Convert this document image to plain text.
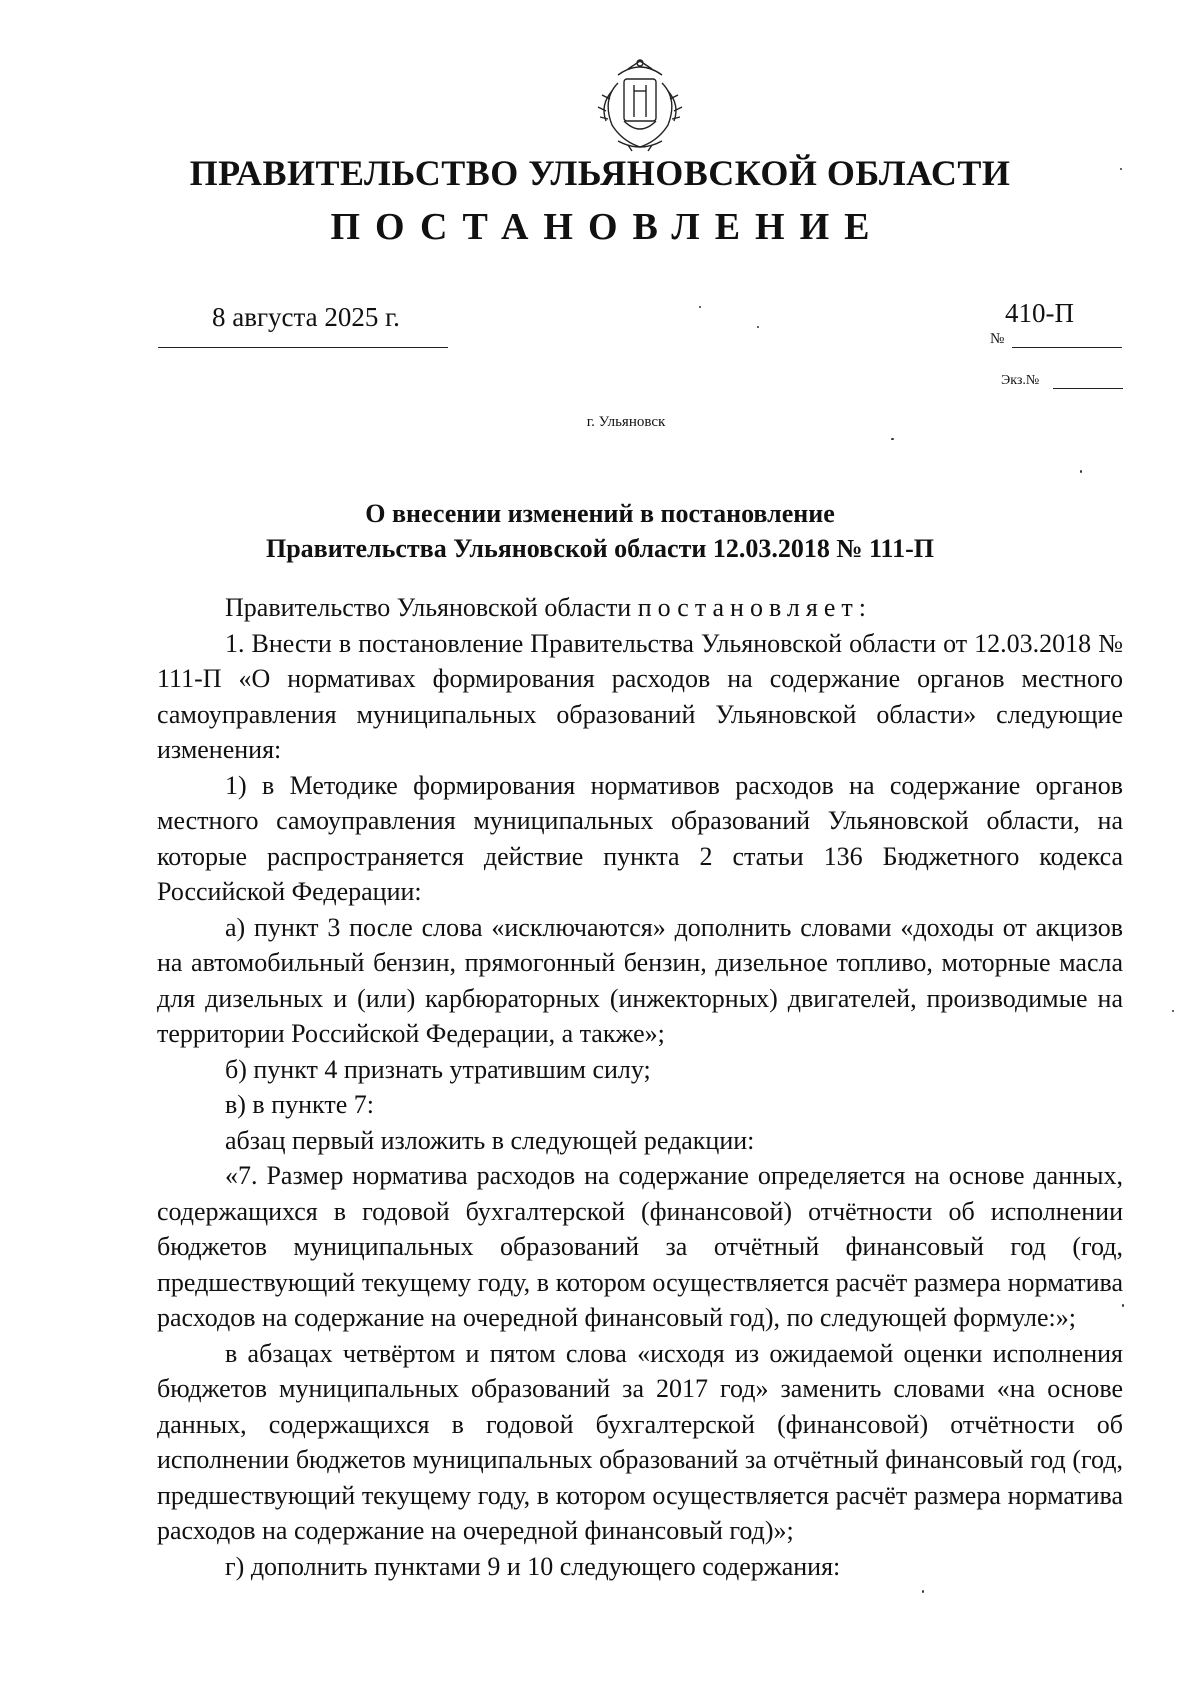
ПРАВИТЕЛЬСТВО УЛЬЯНОВСКОЙ ОБЛАСТИ
ПОСТАНОВЛЕНИЕ
8 августа 2025 г.	410-П
№
Экз.№
г. Ульяновск
О внесении изменений в постановление
Правительства Ульяновской области 12.03.2018 № 111-П

Правительство Ульяновской области постановляет:

1. Внести в постановление Правительства Ульяновской области от 12.03.2018 № 111-П «О нормативах формирования расходов на содержание органов местного самоуправления муниципальных образований Ульяновской области» следующие изменения:

1) в Методике формирования нормативов расходов на содержание органов местного самоуправления муниципальных образований Ульяновской области, на которые распространяется действие пункта 2 статьи 136 Бюджетного кодекса Российской Федерации:

а) пункт 3 после слова «исключаются» дополнить словами «доходы от акцизов на автомобильный бензин, прямогонный бензин, дизельное топливо, моторные масла для дизельных и (или) карбюраторных (инжекторных) двигателей, производимые на территории Российской Федерации, а также»;

б) пункт 4 признать утратившим силу;

в) в пункте 7:

абзац первый изложить в следующей редакции:

«7. Размер норматива расходов на содержание определяется на основе данных, содержащихся в годовой бухгалтерской (финансовой) отчётности об исполнении бюджетов муниципальных образований за отчётный финансовый год (год, предшествующий текущему году, в котором осуществляется расчёт размера норматива расходов на содержание на очередной финансовый год), по следующей формуле:»;

в абзацах четвёртом и пятом слова «исходя из ожидаемой оценки исполнения бюджетов муниципальных образований за 2017 год» заменить словами «на основе данных, содержащихся в годовой бухгалтерской (финансовой) отчётности об исполнении бюджетов муниципальных образований за отчётный финансовый год (год, предшествующий текущему году, в котором осуществляется расчёт размера норматива расходов на содержание на очередной финансовый год)»;

г) дополнить пунктами 9 и 10 следующего содержания:
